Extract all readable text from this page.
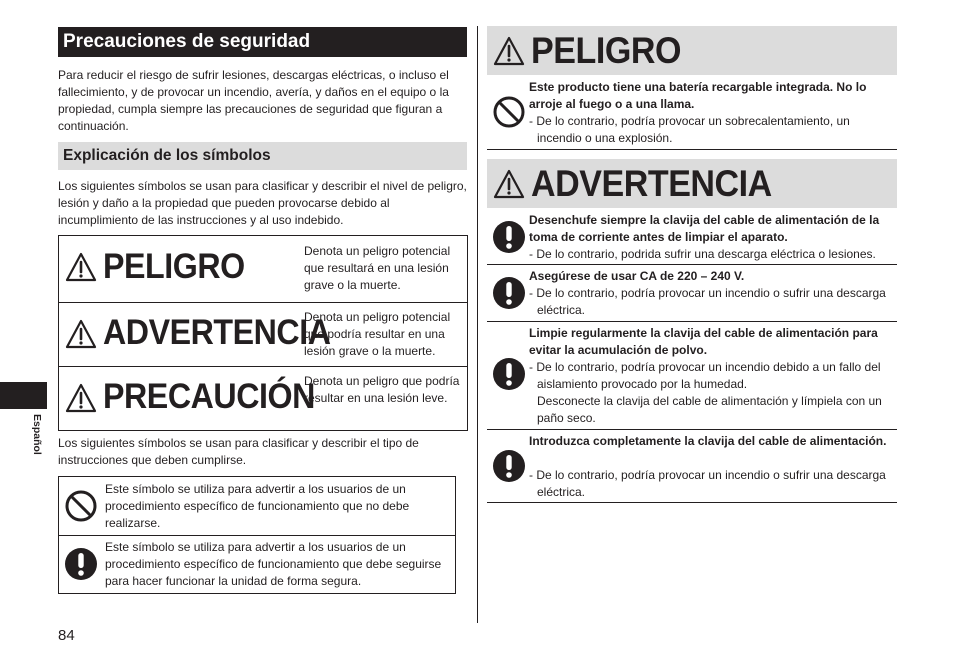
Precauciones de seguridad
Para reducir el riesgo de sufrir lesiones, descargas eléctricas, o incluso el fallecimiento, y de provocar un incendio, avería, y daños en el equipo o la propiedad, cumpla siempre las precauciones de seguridad que figuran a continuación.
Explicación de los símbolos
Los siguientes símbolos se usan para clasificar y describir el nivel de peligro, lesión y daño a la propiedad que pueden provocarse debido al incumplimiento de las instrucciones y al uso indebido.
PELIGRO	Denota un peligro potencial que resultará en una lesión grave o la muerte.
ADVERTENCIA
Denota un peligro potencial que podría resultar en una lesión grave o la muerte.
PRECAUCIÓN
Denota un peligro que podría resultar en una lesión leve.
Los siguientes símbolos se usan para clasificar y describir el tipo de instrucciones que deben cumplirse.
Este símbolo se utiliza para advertir a los usuarios de un procedimiento específico de funcionamiento que no debe realizarse.
Este símbolo se utiliza para advertir a los usuarios de un procedimiento específico de funcionamiento que debe seguirse para hacer funcionar la unidad de forma segura.
Español
84
PELIGRO
Este producto tiene una batería recargable integrada. No lo arroje al fuego o a una llama.
- De lo contrario, podría provocar un sobrecalentamiento, un incendio o una explosión.
ADVERTENCIA
Desenchufe siempre la clavija del cable de alimentación de la toma de corriente antes de limpiar el aparato.
- De lo contrario, podrida sufrir una descarga eléctrica o lesiones.
Asegúrese de usar CA de 220 – 240 V.
- De lo contrario, podría provocar un incendio o sufrir una descarga eléctrica.
Limpie regularmente la clavija del cable de alimentación para evitar la acumulación de polvo.
- De lo contrario, podría provocar un incendio debido a un fallo del aislamiento provocado por la humedad.
Desconecte la clavija del cable de alimentación y límpiela con un paño seco.
Introduzca completamente la clavija del cable de alimentación.
- De lo contrario, podría provocar un incendio o sufrir una descarga eléctrica.
